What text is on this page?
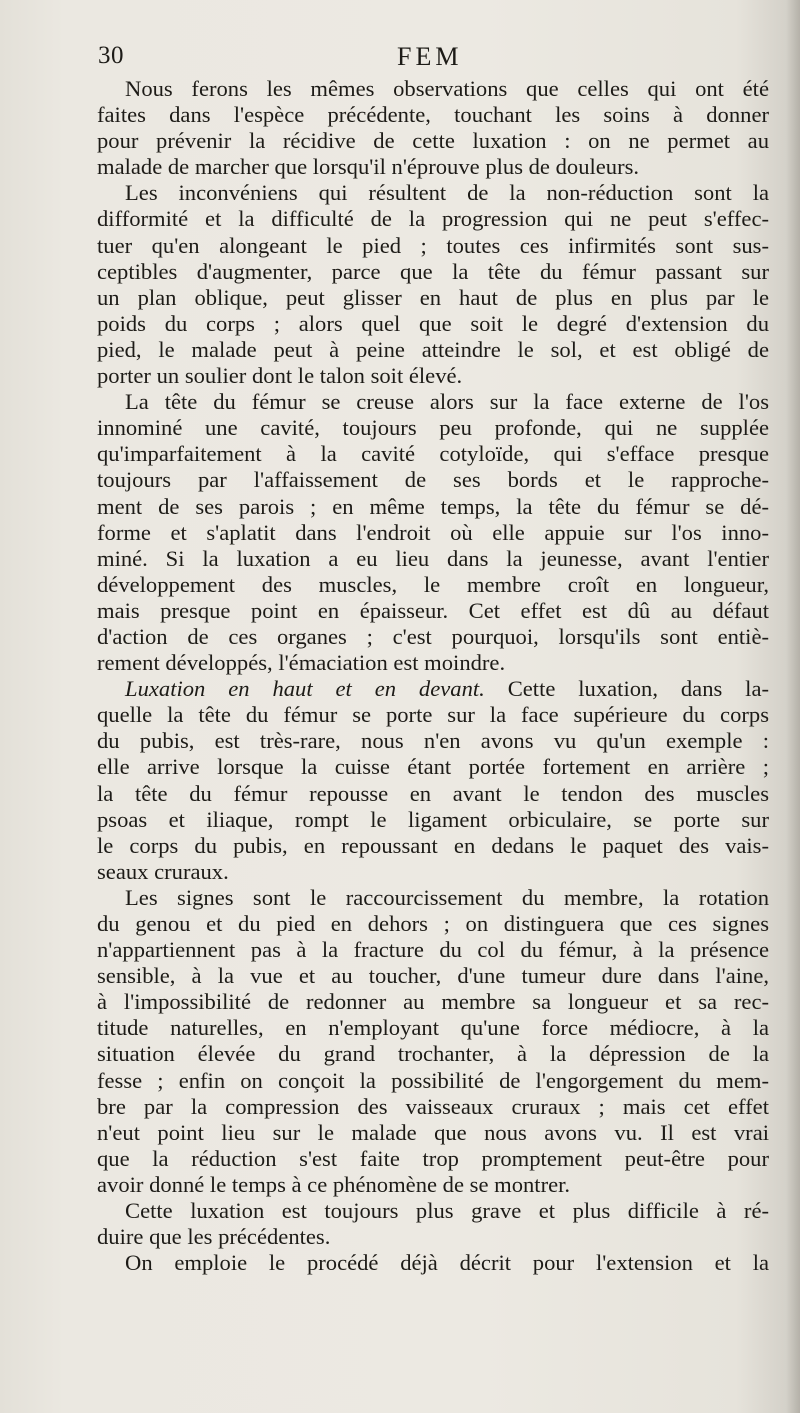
30	FEM
Nous ferons les mêmes observations que celles qui ont été
faites dans l'espèce précédente, touchant les soins à donner
pour prévenir la récidive de cette luxation : on ne permet au
malade de marcher que lorsqu'il n'éprouve plus de douleurs.
Les inconvéniens qui résultent de la non-réduction sont la
difformité et la difficulté de la progression qui ne peut s'effec-
tuer qu'en alongeant le pied ; toutes ces infirmités sont sus-
ceptibles d'augmenter, parce que la tête du fémur passant sur
un plan oblique, peut glisser en haut de plus en plus par le
poids du corps ; alors quel que soit le degré d'extension du
pied, le malade peut à peine atteindre le sol, et est obligé de
porter un soulier dont le talon soit élevé.
La tête du fémur se creuse alors sur la face externe de l'os
innominé une cavité, toujours peu profonde, qui ne supplée
qu'imparfaitement à la cavité cotyloïde, qui s'efface presque
toujours par l'affaissement de ses bords et le rapproche-
ment de ses parois ; en même temps, la tête du fémur se dé-
forme et s'aplatit dans l'endroit où elle appuie sur l'os inno-
miné. Si la luxation a eu lieu dans la jeunesse, avant l'entier
développement des muscles, le membre croît en longueur,
mais presque point en épaisseur. Cet effet est dû au défaut
d'action de ces organes ; c'est pourquoi, lorsqu'ils sont entiè-
rement développés, l'émaciation est moindre.
Luxation en haut et en devant. Cette luxation, dans la-
quelle la tête du fémur se porte sur la face supérieure du corps
du pubis, est très-rare, nous n'en avons vu qu'un exemple :
elle arrive lorsque la cuisse étant portée fortement en arrière ;
la tête du fémur repousse en avant le tendon des muscles
psoas et iliaque, rompt le ligament orbiculaire, se porte sur
le corps du pubis, en repoussant en dedans le paquet des vais-
seaux cruraux.
Les signes sont le raccourcissement du membre, la rotation
du genou et du pied en dehors ; on distinguera que ces signes
n'appartiennent pas à la fracture du col du fémur, à la présence
sensible, à la vue et au toucher, d'une tumeur dure dans l'aine,
à l'impossibilité de redonner au membre sa longueur et sa rec-
titude naturelles, en n'employant qu'une force médiocre, à la
situation élevée du grand trochanter, à la dépression de la
fesse ; enfin on conçoit la possibilité de l'engorgement du mem-
bre par la compression des vaisseaux cruraux ; mais cet effet
n'eut point lieu sur le malade que nous avons vu. Il est vrai
que la réduction s'est faite trop promptement peut-être pour
avoir donné le temps à ce phénomène de se montrer.
Cette luxation est toujours plus grave et plus difficile à ré-
duire que les précédentes.
On emploie le procédé déjà décrit pour l'extension et la
